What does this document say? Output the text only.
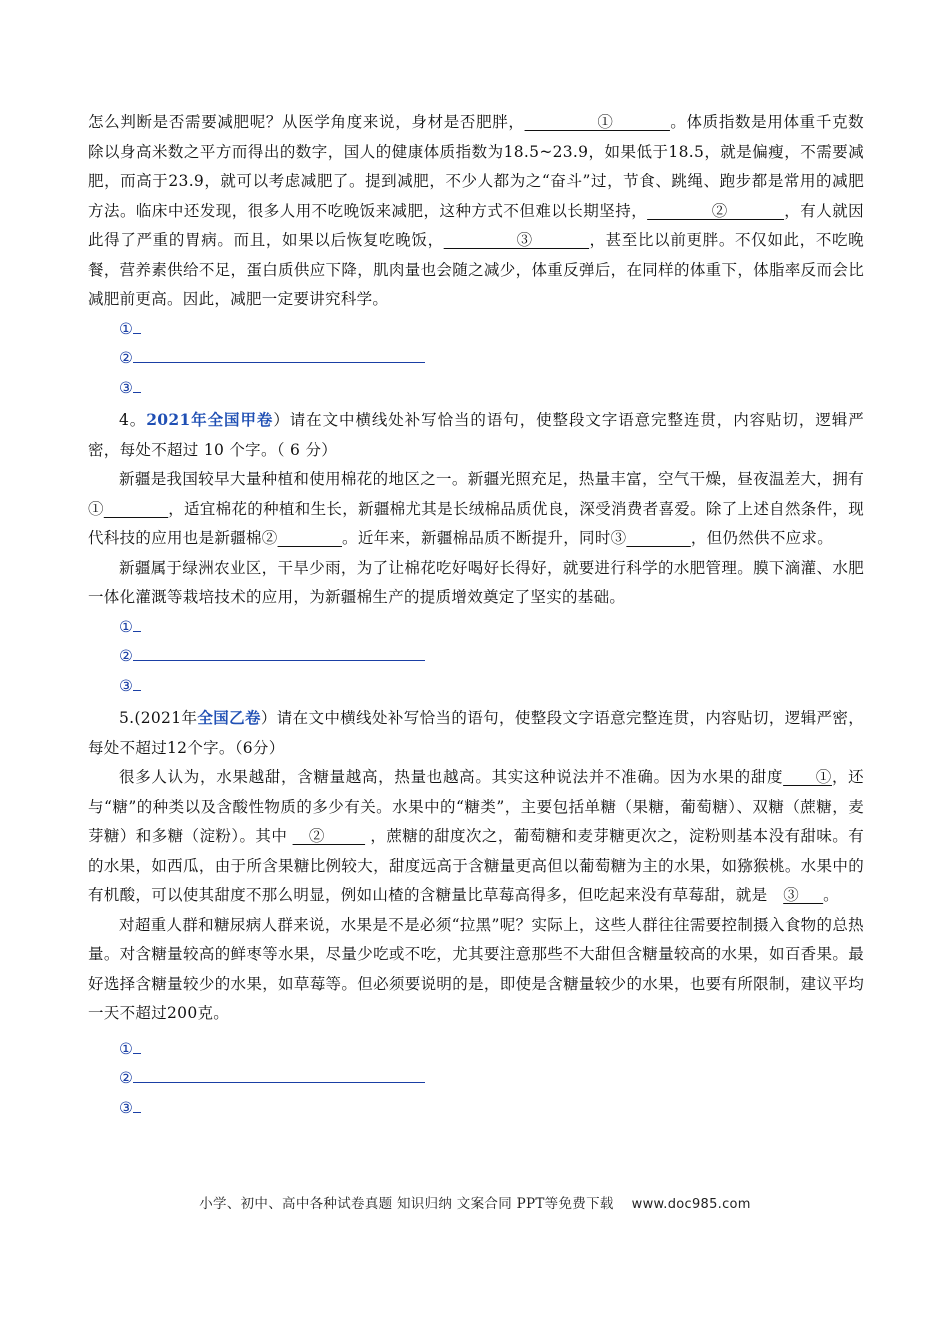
怎么判断是否需要减肥呢？从医学角度来说，身材是否肥胖，_________①_______。体质指数是用体重千克数除以身高米数之平方而得出的数字，国人的健康体质指数为18.5~23.9，如果低于18.5，就是偏瘦，不需要减肥，而高于23.9，就可以考虑减肥了。提到减肥，不少人都为之“奋斗”过，节食、跳绳、跑步都是常用的减肥方法。临床中还发现，很多人用不吃晚饭来减肥，这种方式不但难以长期坚持，________②_______，有人就因此得了严重的胃病。而且，如果以后恢复吃晚饭，_________③_______，甚至比以前更胖。不仅如此，不吃晚餐，营养素供给不足，蛋白质供应下降，肌肉量也会随之减少，体重反弹后，在同样的体重下，体脂率反而会比减肥前更高。因此，减肥一定要讲究科学。

①

②

③

4。2021年全国甲卷）请在文中横线处补写恰当的语句，使整段文字语意完整连贯，内容贴切，逻辑严密，每处不超过 10 个字。（ 6 分）

新疆是我国较早大量种植和使用棉花的地区之一。新疆光照充足，热量丰富，空气干燥，昼夜温差大，拥有①________，适宜棉花的种植和生长，新疆棉尤其是长绒棉品质优良，深受消费者喜爱。除了上述自然条件，现代科技的应用也是新疆棉②________。近年来，新疆棉品质不断提升，同时③________，但仍然供不应求。

新疆属于绿洲农业区，干旱少雨，为了让棉花吃好喝好长得好，就要进行科学的水肥管理。膜下滴灌、水肥一体化灌溉等栽培技术的应用，为新疆棉生产的提质增效奠定了坚实的基础。

①

②

③

5.(2021年全国乙卷）请在文中横线处补写恰当的语句，使整段文字语意完整连贯，内容贴切，逻辑严密，每处不超过12个字。（6分）

很多人认为，水果越甜，含糖量越高，热量也越高。其实这种说法并不准确。因为水果的甜度____①，还与“糖”的种类以及含酸性物质的多少有关。水果中的“糖类”，主要包括单糖（果糖，葡萄糖）、双糖（蔗糖，麦芽糖）和多糖（淀粉）。其中 __②_____ ，蔗糖的甜度次之，葡萄糖和麦芽糖更次之，淀粉则基本没有甜味。有的水果，如西瓜，由于所含果糖比例较大，甜度远高于含糖量更高但以葡萄糖为主的水果，如猕猴桃。水果中的有机酸，可以使其甜度不那么明显，例如山楂的含糖量比草莓高得多，但吃起来没有草莓甜，就是　③___。

对超重人群和糖尿病人群来说，水果是不是必须“拉黑”呢？实际上，这些人群往往需要控制摄入食物的总热量。对含糖量较高的鲜枣等水果，尽量少吃或不吃，尤其要注意那些不大甜但含糖量较高的水果，如百香果。最好选择含糖量较少的水果，如草莓等。但必须要说明的是，即使是含糖量较少的水果，也要有所限制，建议平均一天不超过200克。

①

②

③

小学、初中、高中各种试卷真题 知识归纳 文案合同 PPT等免费下载 www.doc985.com
